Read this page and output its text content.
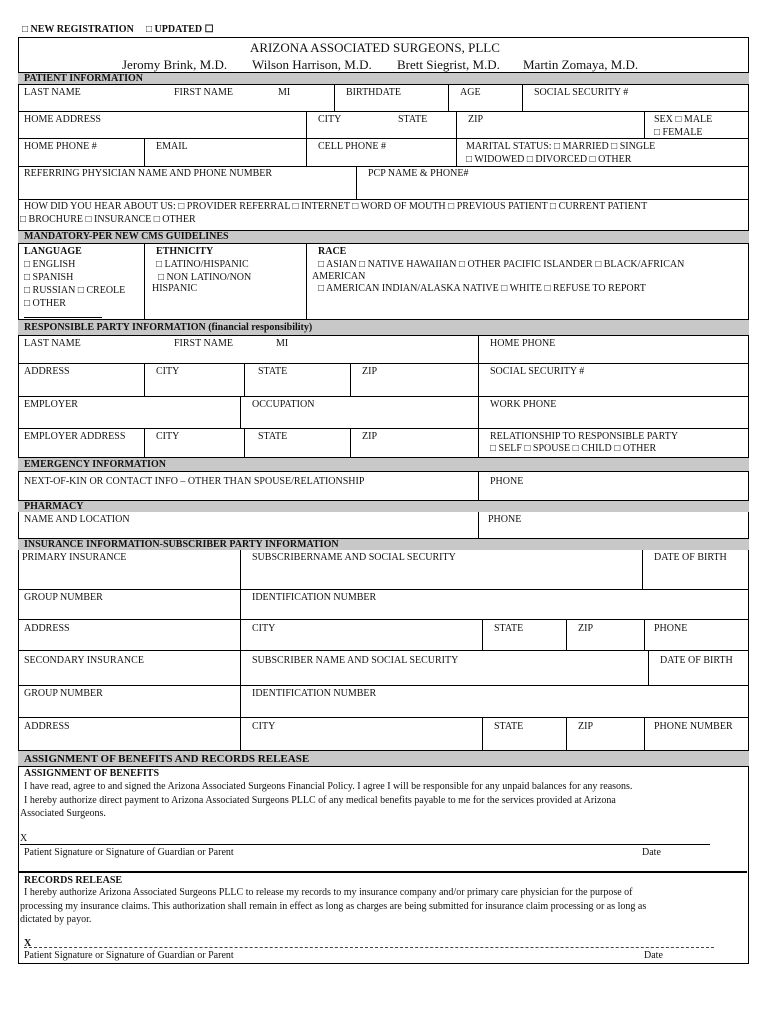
□ NEW REGISTRATION □ UPDATED ☐
ARIZONA ASSOCIATED SURGEONS, PLLC
Jeromy Brink, M.D. Wilson Harrison, M.D. Brett Siegrist, M.D. Martin Zomaya, M.D.
PATIENT INFORMATION
LAST NAME	FIRST NAME	MI	BIRTHDATE	AGE	SOCIAL SECURITY #
HOME ADDRESS	CITY	STATE	ZIP	SEX □ MALE
□ FEMALE
HOME PHONE #	EMAIL	CELL PHONE #	MARITAL STATUS: □ MARRIED □ SINGLE
□ WIDOWED □ DIVORCED □ OTHER
REFERRING PHYSICIAN NAME AND PHONE NUMBER	PCP NAME & PHONE#
HOW DID YOU HEAR ABOUT US: □ PROVIDER REFERRAL □ INTERNET □ WORD OF MOUTH □ PREVIOUS PATIENT □ CURRENT PATIENT
□ BROCHURE □ INSURANCE □ OTHER
MANDATORY-PER NEW CMS GUIDELINES
LANGUAGE
□ ENGLISH
□ SPANISH
□ RUSSIAN □ CREOLE
□ OTHER
ETHNICITY
□ LATINO/HISPANIC
□ NON LATINO/NON
HISPANIC
RACE
□ ASIAN □ NATIVE HAWAIIAN □ OTHER PACIFIC ISLANDER □ BLACK/AFRICAN
AMERICAN
□ AMERICAN INDIAN/ALASKA NATIVE □ WHITE □ REFUSE TO REPORT
RESPONSIBLE PARTY INFORMATION (financial responsibility)
LAST NAME	FIRST NAME	MI	HOME PHONE
ADDRESS	CITY	STATE	ZIP	SOCIAL SECURITY #
EMPLOYER	OCCUPATION	WORK PHONE
EMPLOYER ADDRESS	CITY	STATE	ZIP	RELATIONSHIP TO RESPONSIBLE PARTY
□ SELF □ SPOUSE □ CHILD □ OTHER
EMERGENCY INFORMATION
NEXT-OF-KIN OR CONTACT INFO – OTHER THAN SPOUSE/RELATIONSHIP	PHONE
PHARMACY
NAME AND LOCATION	PHONE
INSURANCE INFORMATION-SUBSCRIBER PARTY INFORMATION
PRIMARY INSURANCE	SUBSCRIBERNAME AND SOCIAL SECURITY	DATE OF BIRTH
GROUP NUMBER	IDENTIFICATION NUMBER
ADDRESS	CITY	STATE	ZIP	PHONE
SECONDARY INSURANCE	SUBSCRIBER NAME AND SOCIAL SECURITY	DATE OF BIRTH
GROUP NUMBER	IDENTIFICATION NUMBER
ADDRESS	CITY	STATE	ZIP	PHONE NUMBER
ASSIGNMENT OF BENEFITS AND RECORDS RELEASE
ASSIGNMENT OF BENEFITS
I have read, agree to and signed the Arizona Associated Surgeons Financial Policy. I agree I will be responsible for any unpaid balances for any reasons.
I hereby authorize direct payment to Arizona Associated Surgeons PLLC of any medical benefits payable to me for the services provided at Arizona
Associated Surgeons.
X
Patient Signature or Signature of Guardian or Parent	Date
RECORDS RELEASE
I hereby authorize Arizona Associated Surgeons PLLC to release my records to my insurance company and/or primary care physician for the purpose of
processing my insurance claims. This authorization shall remain in effect as long as charges are being submitted for insurance claim processing or as long as
dictated by payor.
X
Patient Signature or Signature of Guardian or Parent	Date
